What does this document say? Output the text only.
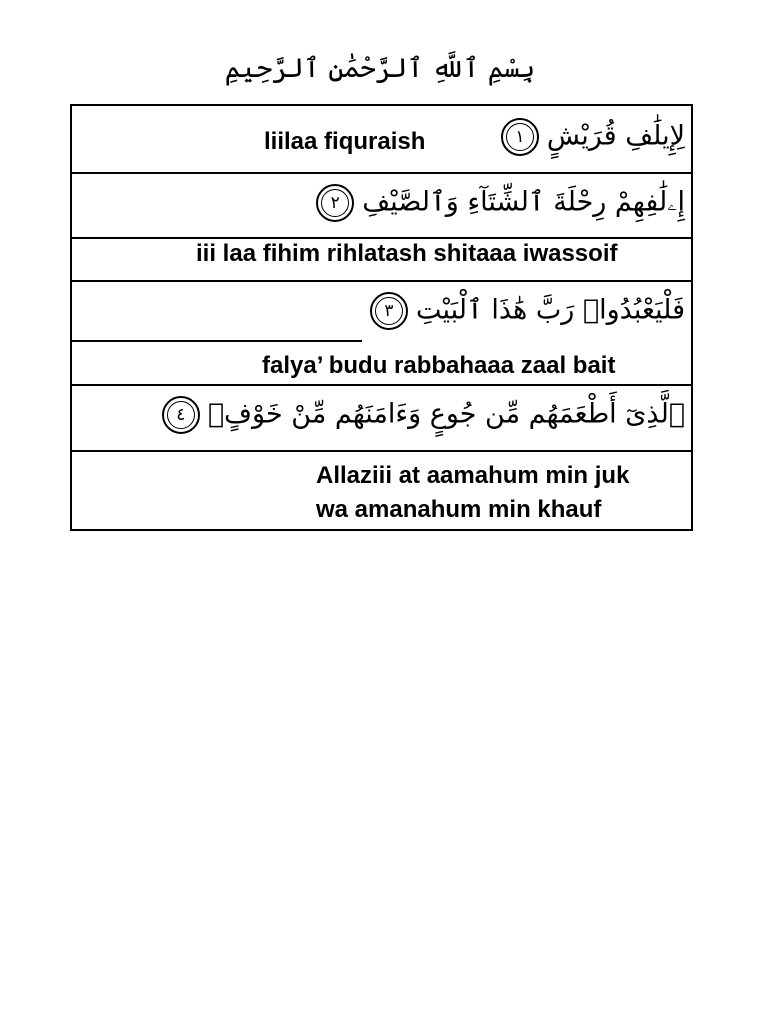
بِسْمِ ٱللَّهِ ٱلرَّحْمَٰنِ ٱلرَّحِيمِ
liilaa fiquraish	لِإِيلَٰفِ قُرَيْشٍ١
إِۦلَٰفِهِمْ رِحْلَةَ ٱلشِّتَآءِ وَٱلصَّيْفِ٢
iii laa fihim rihlatash shitaaa iwassoif
فَلْيَعْبُدُوا۟ رَبَّ هَٰذَا ٱلْبَيْتِ٣
falya’ budu rabbahaaa zaal bait
ٱلَّذِىٓ أَطْعَمَهُم مِّن جُوعٍ وَءَامَنَهُم مِّنْ خَوْفٍۭ٤
Allaziii at aamahum min juk
wa amanahum min khauf
